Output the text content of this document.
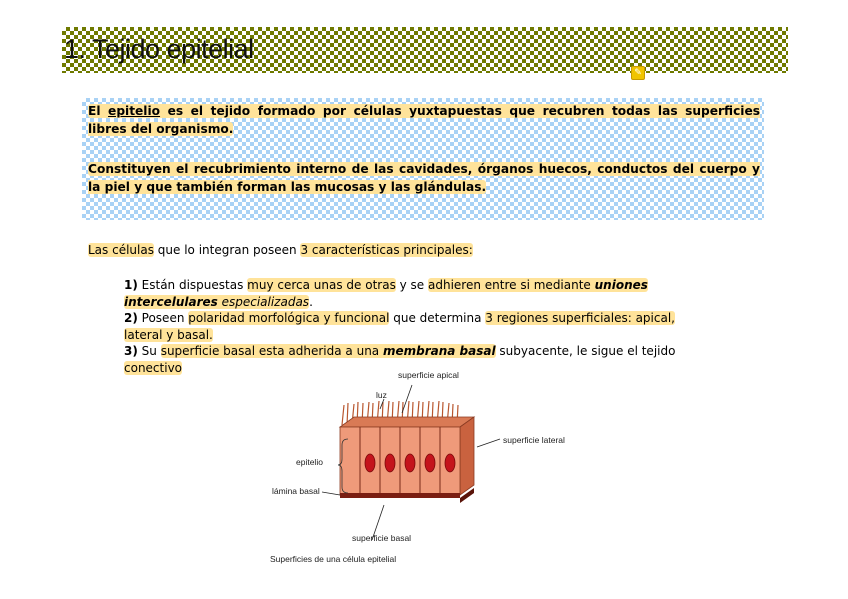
1. Tejido epitelial
✎

El epitelio es el tejido formado por células yuxtapuestas que recubren todas las superficies libres del organismo.

Constituyen el recubrimiento interno de las cavidades, órganos huecos, conductos del cuerpo y la piel y que también forman las mucosas y las glándulas.

Las células que lo integran poseen 3 características principales:

1) Están dispuestas muy cerca unas de otras y se adhieren entre si mediante uniones
intercelulares especializadas.

2) Poseen polaridad morfológica y funcional que determina 3 regiones superficiales: apical,
lateral y basal.

3) Su superficie basal esta adherida a una membrana basal subyacente, le sigue el tejido
conectivo

superficie apical
luz
superficie lateral
epitelio
lámina basal
superficie basal
Superficies de una célula epitelial
